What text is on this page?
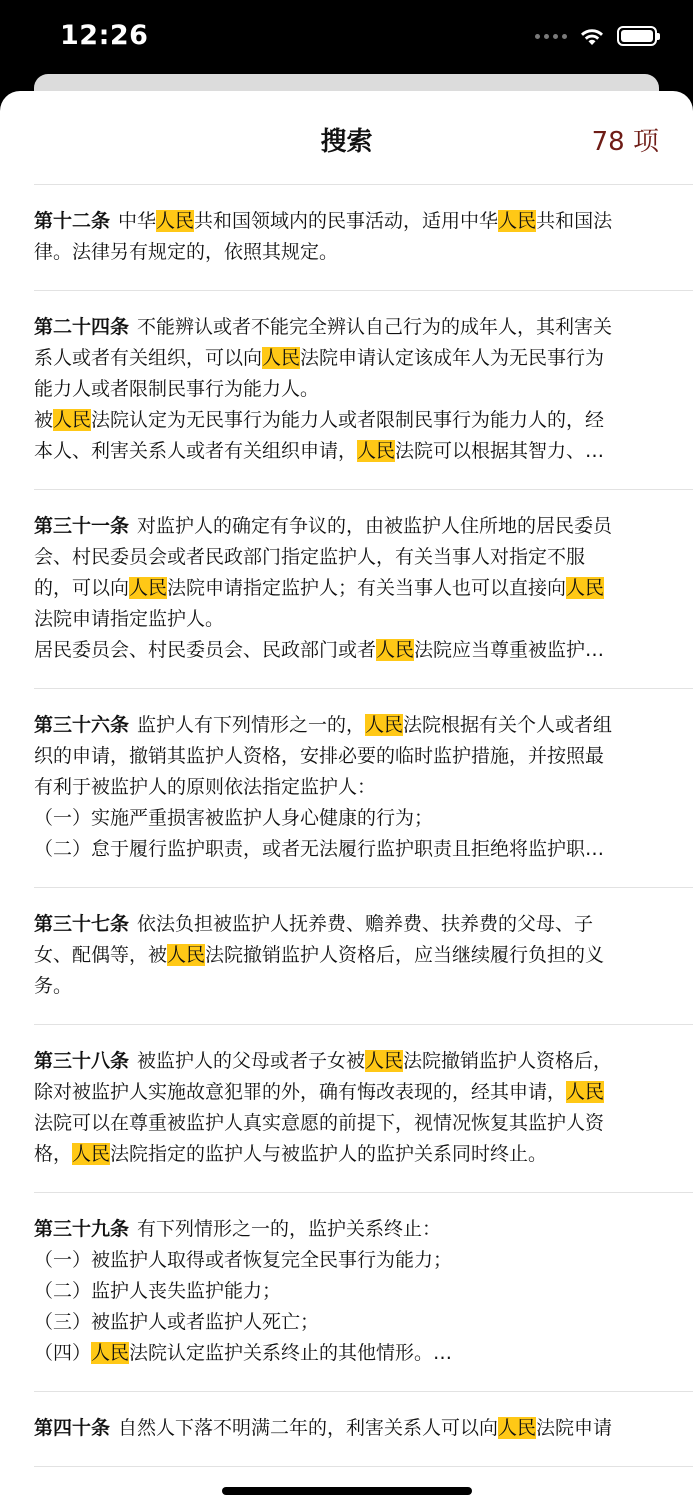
12:26
搜索	78 项
第十二条 中华人民共和国领域内的民事活动，适用中华人民共和国法
律。法律另有规定的，依照其规定。
第二十四条 不能辨认或者不能完全辨认自己行为的成年人，其利害关
系人或者有关组织，可以向人民法院申请认定该成年人为无民事行为
能力人或者限制民事行为能力人。
被人民法院认定为无民事行为能力人或者限制民事行为能力人的，经
本人、利害关系人或者有关组织申请，人民法院可以根据其智力、…
第三十一条 对监护人的确定有争议的，由被监护人住所地的居民委员
会、村民委员会或者民政部门指定监护人，有关当事人对指定不服
的，可以向人民法院申请指定监护人；有关当事人也可以直接向人民
法院申请指定监护人。
居民委员会、村民委员会、民政部门或者人民法院应当尊重被监护…
第三十六条 监护人有下列情形之一的，人民法院根据有关个人或者组
织的申请，撤销其监护人资格，安排必要的临时监护措施，并按照最
有利于被监护人的原则依法指定监护人：
（一）实施严重损害被监护人身心健康的行为；
（二）怠于履行监护职责，或者无法履行监护职责且拒绝将监护职…
第三十七条 依法负担被监护人抚养费、赡养费、扶养费的父母、子
女、配偶等，被人民法院撤销监护人资格后，应当继续履行负担的义
务。
第三十八条 被监护人的父母或者子女被人民法院撤销监护人资格后，
除对被监护人实施故意犯罪的外，确有悔改表现的，经其申请，人民
法院可以在尊重被监护人真实意愿的前提下，视情况恢复其监护人资
格，人民法院指定的监护人与被监护人的监护关系同时终止。
第三十九条 有下列情形之一的，监护关系终止：
（一）被监护人取得或者恢复完全民事行为能力；
（二）监护人丧失监护能力；
（三）被监护人或者监护人死亡；
（四）人民法院认定监护关系终止的其他情形。…
第四十条 自然人下落不明满二年的，利害关系人可以向人民法院申请
